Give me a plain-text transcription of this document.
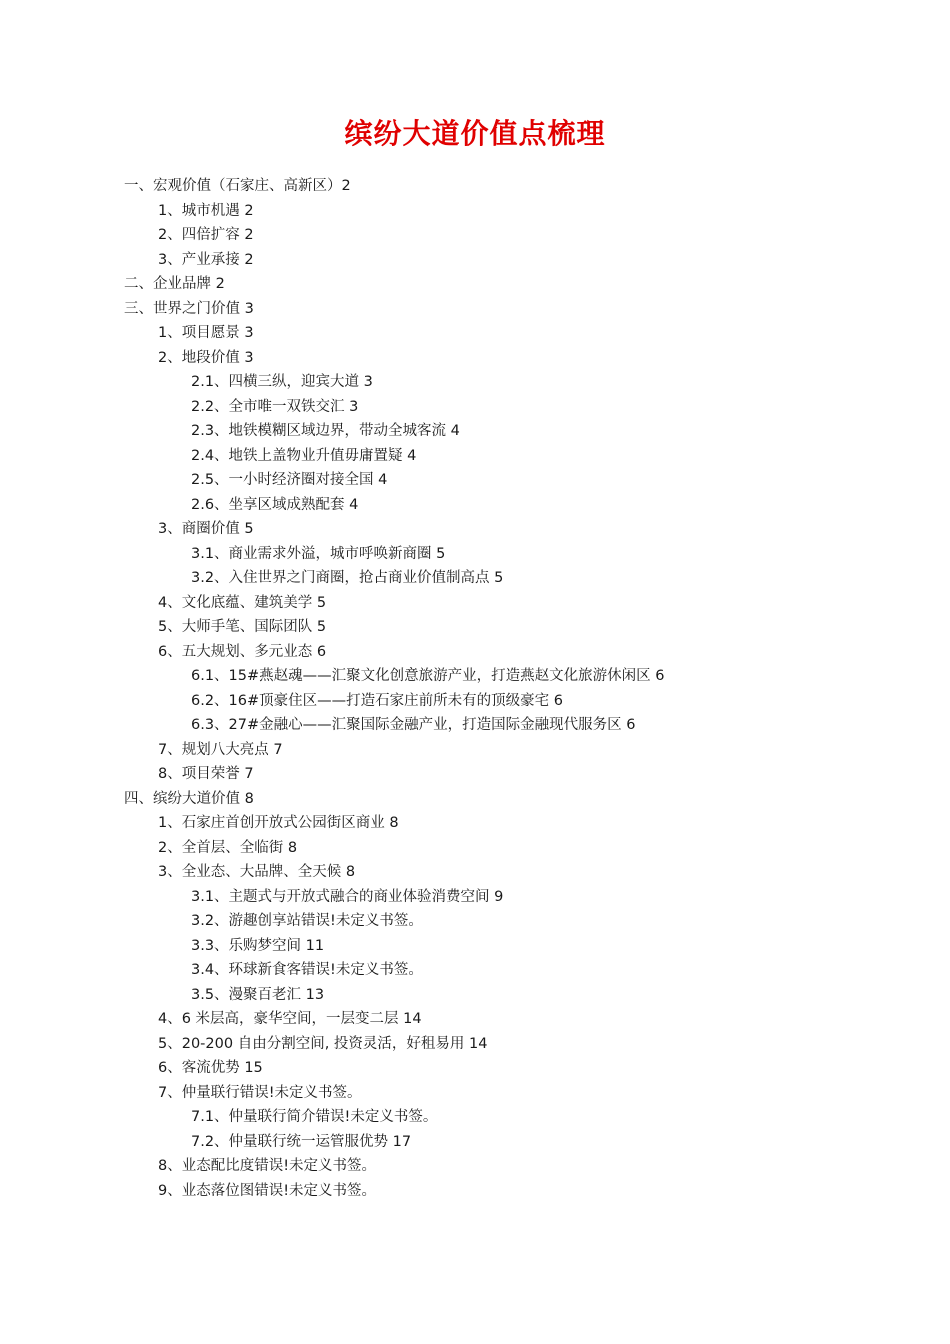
缤纷大道价值点梳理
一、宏观价值（石家庄、高新区）2
1、城市机遇 2
2、四倍扩容 2
3、产业承接 2
二、企业品牌 2
三、世界之门价值 3
1、项目愿景 3
2、地段价值 3
2.1、四横三纵，迎宾大道 3
2.2、全市唯一双铁交汇 3
2.3、地铁模糊区域边界，带动全城客流 4
2.4、地铁上盖物业升值毋庸置疑 4
2.5、一小时经济圈对接全国 4
2.6、坐享区域成熟配套 4
3、商圈价值 5
3.1、商业需求外溢，城市呼唤新商圈 5
3.2、入住世界之门商圈，抢占商业价值制高点 5
4、文化底蕴、建筑美学 5
5、大师手笔、国际团队 5
6、五大规划、多元业态 6
6.1、15#燕赵魂——汇聚文化创意旅游产业，打造燕赵文化旅游休闲区 6
6.2、16#顶豪住区——打造石家庄前所未有的顶级豪宅 6
6.3、27#金融心——汇聚国际金融产业，打造国际金融现代服务区 6
7、规划八大亮点 7
8、项目荣誉 7
四、缤纷大道价值 8
1、石家庄首创开放式公园街区商业 8
2、全首层、全临街 8
3、全业态、大品牌、全天候 8
3.1、主题式与开放式融合的商业体验消费空间 9
3.2、游趣创享站错误!未定义书签。
3.3、乐购梦空间 11
3.4、环球新食客错误!未定义书签。
3.5、漫聚百老汇 13
4、6 米层高，豪华空间，一层变二层 14
5、20-200 自由分割空间, 投资灵活，好租易用 14
6、客流优势 15
7、仲量联行错误!未定义书签。
7.1、仲量联行简介错误!未定义书签。
7.2、仲量联行统一运管服优势 17
8、业态配比度错误!未定义书签。
9、业态落位图错误!未定义书签。
